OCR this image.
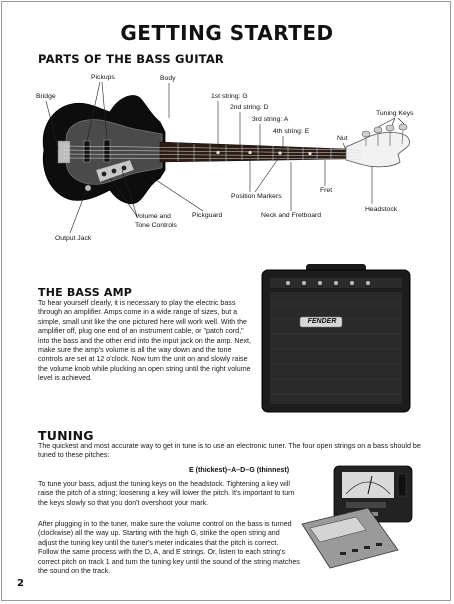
GETTING STARTED
PARTS OF THE BASS GUITAR
Bridge
Pickups	Body
1st string: G
2nd string: D
3rd string: A
4th string: E
Tuning Keys
Nut
Fret
Headstock
Position Markers
Neck and Fretboard
Pickguard
Volume and
Tone Controls
Output Jack
THE BASS AMP
To hear yourself clearly, it is necessary to play the electric bass through an amplifier. Amps come in a wide range of sizes, but a simple, small unit like the one pictured here will work well. With the amplifier off, plug one end of an instrument cable, or "patch cord," into the bass and the other end into the input jack on the amp. Next, make sure the amp's volume is all the way down and the tone controls are set at 12 o'clock. Now turn the unit on and slowly raise the volume knob while plucking an open string until the right volume level is achieved.
FENDER
TUNING
The quickest and most accurate way to get in tune is to use an electronic tuner. The four open strings on a bass should be tuned to these pitches:
E (thickest)–A–D–G (thinnest)
To tune your bass, adjust the tuning keys on the headstock. Tightening a key will raise the pitch of a string; loosening a key will lower the pitch. It's important to turn the keys slowly so that you don't overshoot your mark.
After plugging in to the tuner, make sure the volume control on the bass is turned (clockwise) all the way up. Starting with the high G, strike the open string and adjust the tuning key until the tuner's meter indicates that the pitch is correct. Follow the same process with the D, A, and E strings. Or, listen to each string's correct pitch on track 1 and turn the tuning key until the sound of the string matches the sound on the track.
2
